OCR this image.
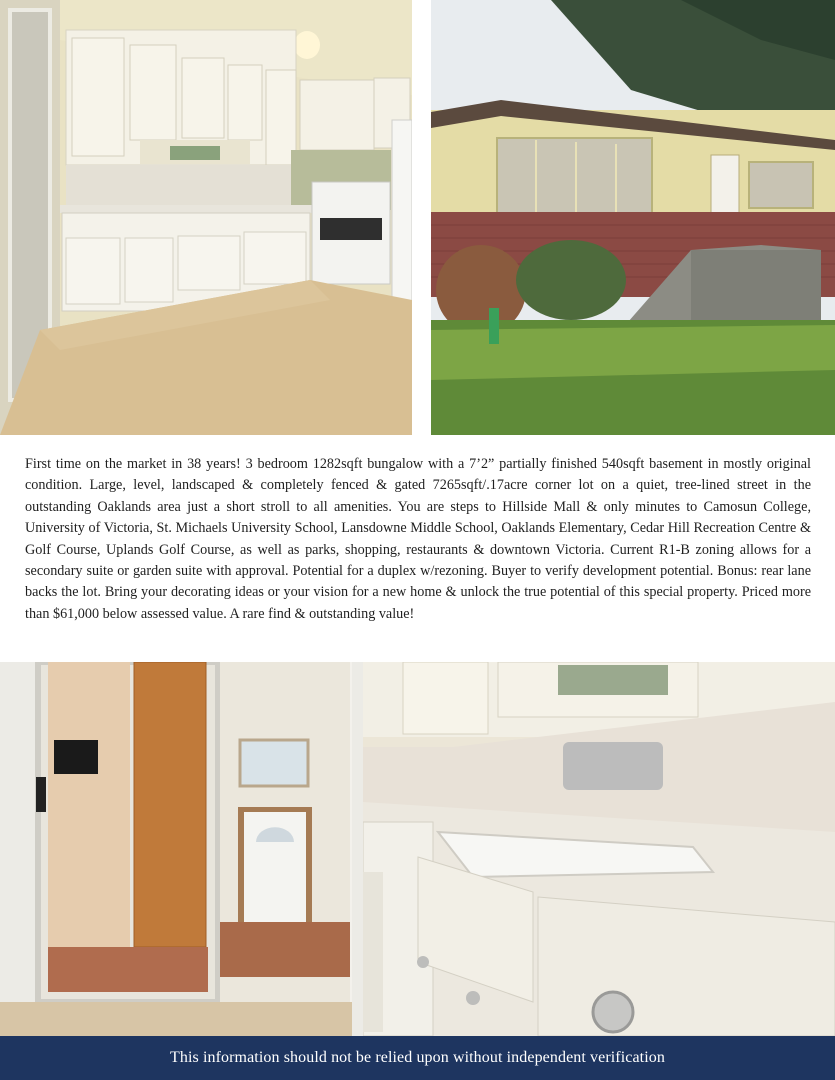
First time on the market in 38 years! 3 bedroom 1282sqft bungalow with a 7’2” partially finished 540sqft basement in mostly original condition. Large, level, landscaped & completely fenced & gated 7265sqft/.17acre corner lot on a quiet, tree-lined street in the outstanding Oaklands area just a short stroll to all amenities. You are steps to Hillside Mall & only minutes to Camosun College, University of Victoria, St. Michaels University School, Lansdowne Middle School, Oaklands Elementary, Cedar Hill Recreation Centre & Golf Course, Uplands Golf Course, as well as parks, shopping, restaurants & downtown Victoria. Current R1-B zoning allows for a secondary suite or garden suite with approval. Potential for a duplex w/rezoning. Buyer to verify development potential. Bonus: rear lane backs the lot. Bring your decorating ideas or your vision for a new home & unlock the true potential of this special property. Priced more than $61,000 below assessed value. A rare find & outstanding value!

This information should not be relied upon without independent verification
